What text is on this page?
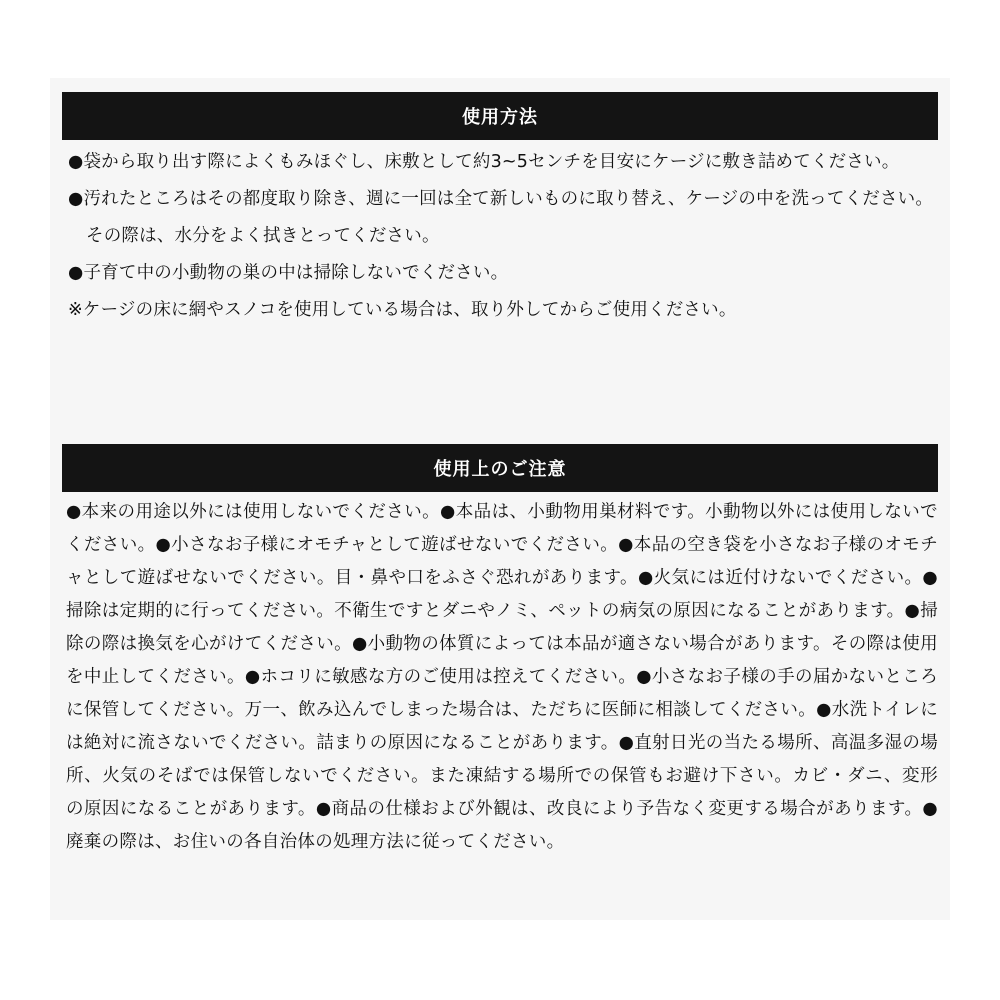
使用方法

●袋から取り出す際によくもみほぐし、床敷として約3~5センチを目安にケージに敷き詰めてください。

●汚れたところはその都度取り除き、週に一回は全て新しいものに取り替え、ケージの中を洗ってください。その際は、水分をよく拭きとってください。

●子育て中の小動物の巣の中は掃除しないでください。

※ケージの床に網やスノコを使用している場合は、取り外してからご使用ください。

使用上のご注意
●本来の用途以外には使用しないでください。●本品は、小動物用巣材料です。小動物以外には使用しないでください。●小さなお子様にオモチャとして遊ばせないでください。●本品の空き袋を小さなお子様のオモチャとして遊ばせないでください。目・鼻や口をふさぐ恐れがあります。●火気には近付けないでください。●掃除は定期的に行ってください。不衛生ですとダニやノミ、ペットの病気の原因になることがあります。●掃除の際は換気を心がけてください。●小動物の体質によっては本品が適さない場合があります。その際は使用を中止してください。●ホコリに敏感な方のご使用は控えてください。●小さなお子様の手の届かないところに保管してください。万一、飲み込んでしまった場合は、ただちに医師に相談してください。●水洗トイレには絶対に流さないでください。詰まりの原因になることがあります。●直射日光の当たる場所、高温多湿の場所、火気のそばでは保管しないでください。また凍結する場所での保管もお避け下さい。カビ・ダニ、変形の原因になることがあります。●商品の仕様および外観は、改良により予告なく変更する場合があります。●廃棄の際は、お住いの各自治体の処理方法に従ってください。
